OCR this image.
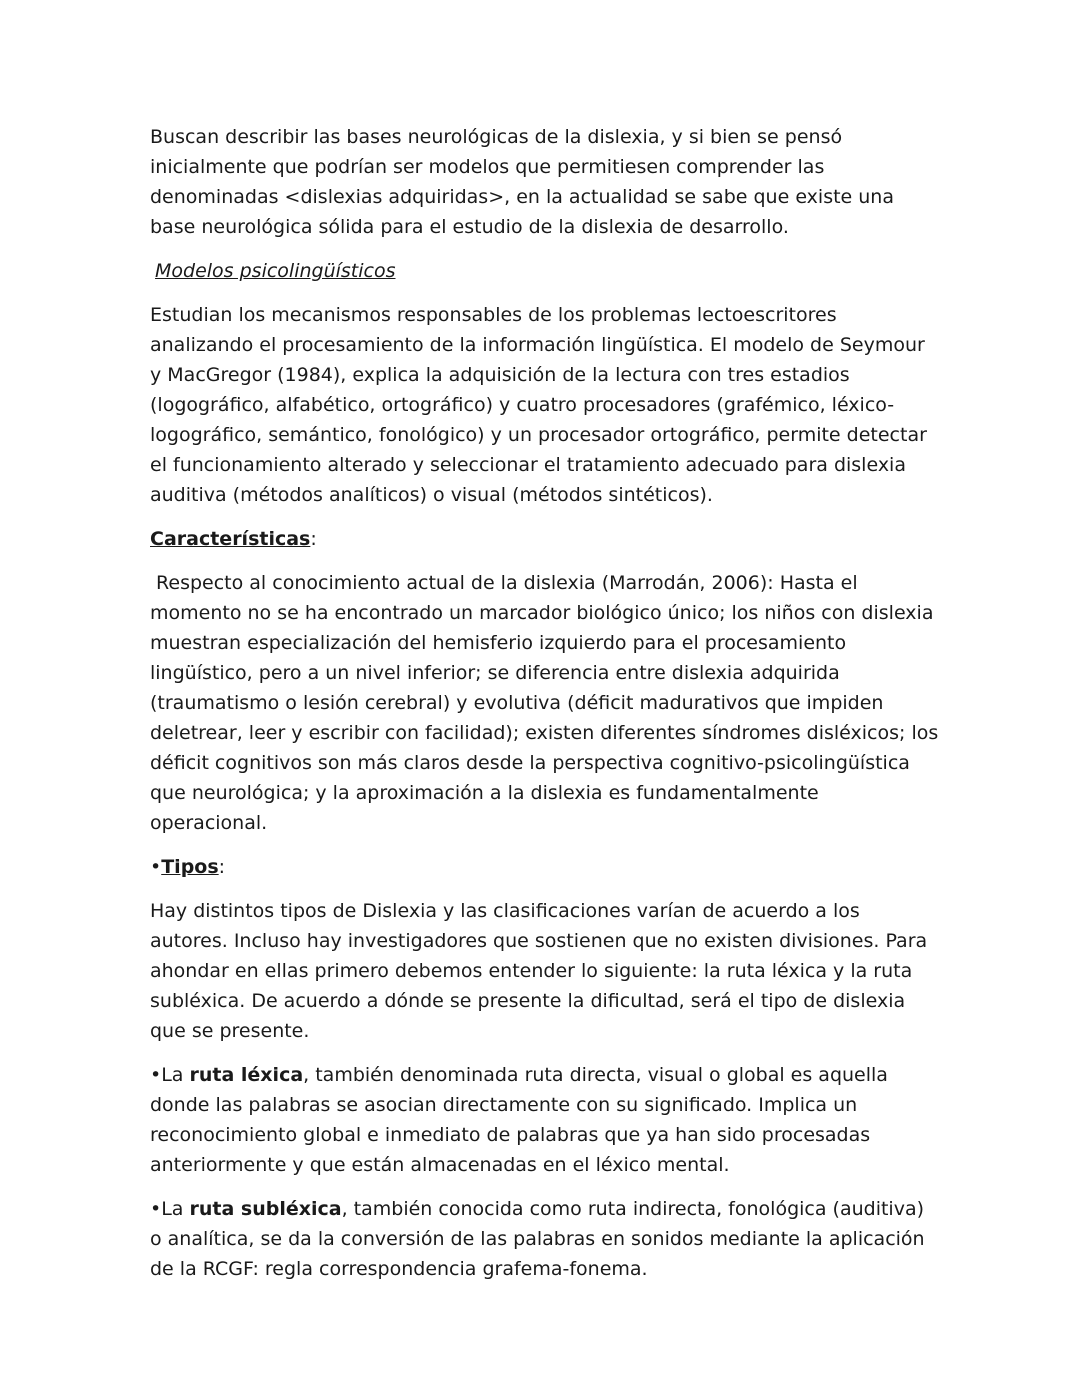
Buscan describir las bases neurológicas de la dislexia, y si bien se pensó inicialmente que podrían ser modelos que permitiesen comprender las denominadas <dislexias adquiridas>, en la actualidad se sabe que existe una base neurológica sólida para el estudio de la dislexia de desarrollo.

Modelos psicolingüísticos

Estudian los mecanismos responsables de los problemas lectoescritores analizando el procesamiento de la información lingüística. El modelo de Seymour y MacGregor (1984), explica la adquisición de la lectura con tres estadios (logográfico, alfabético, ortográfico) y cuatro procesadores (grafémico, léxico-logográfico, semántico, fonológico) y un procesador ortográfico, permite detectar el funcionamiento alterado y seleccionar el tratamiento adecuado para dislexia auditiva (métodos analíticos) o visual (métodos sintéticos).

Características:

Respecto al conocimiento actual de la dislexia (Marrodán, 2006): Hasta el momento no se ha encontrado un marcador biológico único; los niños con dislexia muestran especialización del hemisferio izquierdo para el procesamiento lingüístico, pero a un nivel inferior; se diferencia entre dislexia adquirida (traumatismo o lesión cerebral) y evolutiva (déficit madurativos que impiden deletrear, leer y escribir con facilidad); existen diferentes síndromes disléxicos; los déficit cognitivos son más claros desde la perspectiva cognitivo-psicolingüística que neurológica; y la aproximación a la dislexia es fundamentalmente operacional.

•Tipos:

Hay distintos tipos de Dislexia y las clasificaciones varían de acuerdo a los autores. Incluso hay investigadores que sostienen que no existen divisiones. Para ahondar en ellas primero debemos entender lo siguiente: la ruta léxica y la ruta subléxica. De acuerdo a dónde se presente la dificultad, será el tipo de dislexia que se presente.

•La ruta léxica, también denominada ruta directa, visual o global es aquella donde las palabras se asocian directamente con su significado. Implica un reconocimiento global e inmediato de palabras que ya han sido procesadas anteriormente y que están almacenadas en el léxico mental.

•La ruta subléxica, también conocida como ruta indirecta, fonológica (auditiva) o analítica, se da la conversión de las palabras en sonidos mediante la aplicación de la RCGF: regla correspondencia grafema-fonema.
